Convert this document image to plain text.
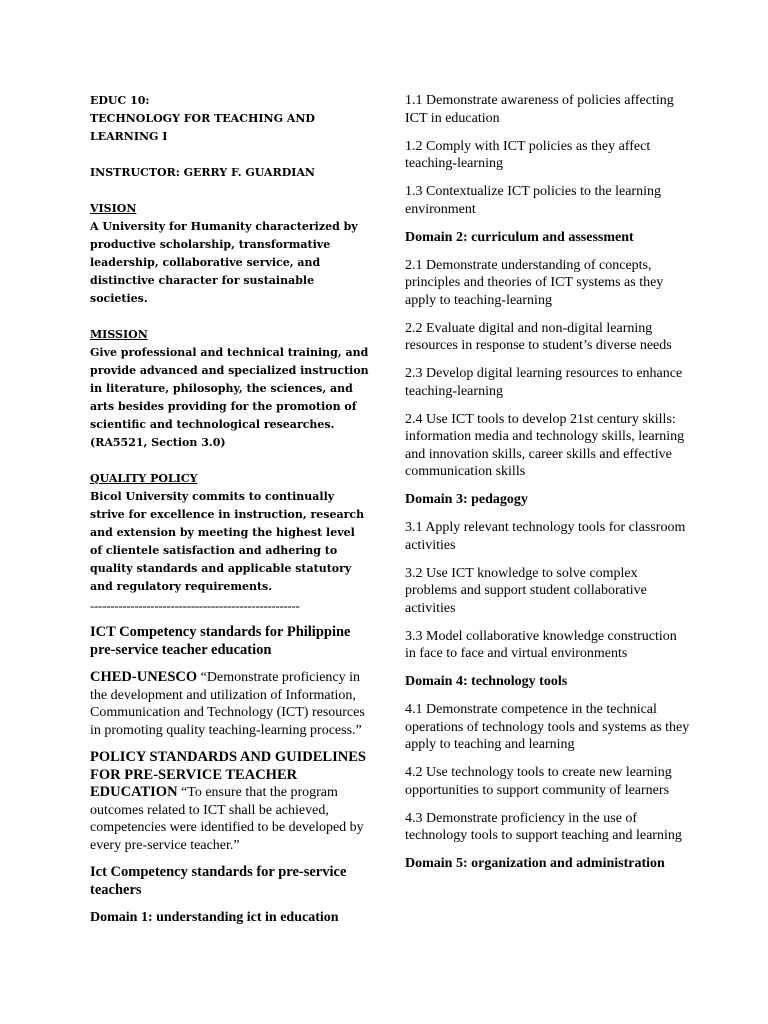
EDUC 10:

TECHNOLOGY FOR TEACHING AND LEARNING I

INSTRUCTOR: GERRY F. GUARDIAN

VISION

A University for Humanity characterized by productive scholarship, transformative leadership, collaborative service, and distinctive character for sustainable societies.

MISSION

Give professional and technical training, and provide advanced and specialized instruction in literature, philosophy, the sciences, and arts besides providing for the promotion of scientific and technological researches. (RA5521, Section 3.0)

QUALITY POLICY

Bicol University commits to continually strive for excellence in instruction, research and extension by meeting the highest level of clientele satisfaction and adhering to quality standards and applicable statutory and regulatory requirements.

----------------------------------------------------

ICT Competency standards for Philippine pre-service teacher education

CHED-UNESCO “Demonstrate proficiency in the development and utilization of Information, Communication and Technology (ICT) resources in promoting quality teaching-learning process.”

POLICY STANDARDS AND GUIDELINES FOR PRE-SERVICE TEACHER EDUCATION “To ensure that the program outcomes related to ICT shall be achieved, competencies were identified to be developed by every pre-service teacher.”

Ict Competency standards for pre-service teachers

Domain 1: understanding ict in education

1.1 Demonstrate awareness of policies affecting ICT in education

1.2 Comply with ICT policies as they affect teaching-learning

1.3 Contextualize ICT policies to the learning environment

Domain 2: curriculum and assessment

2.1 Demonstrate understanding of concepts, principles and theories of ICT systems as they apply to teaching-learning

2.2 Evaluate digital and non-digital learning resources in response to student’s diverse needs

2.3 Develop digital learning resources to enhance teaching-learning

2.4 Use ICT tools to develop 21st century skills: information media and technology skills, learning and innovation skills, career skills and effective communication skills

Domain 3: pedagogy

3.1 Apply relevant technology tools for classroom activities

3.2 Use ICT knowledge to solve complex problems and support student collaborative activities

3.3 Model collaborative knowledge construction in face to face and virtual environments

Domain 4: technology tools

4.1 Demonstrate competence in the technical operations of technology tools and systems as they apply to teaching and learning

4.2 Use technology tools to create new learning opportunities to support community of learners

4.3 Demonstrate proficiency in the use of technology tools to support teaching and learning

Domain 5: organization and administration
